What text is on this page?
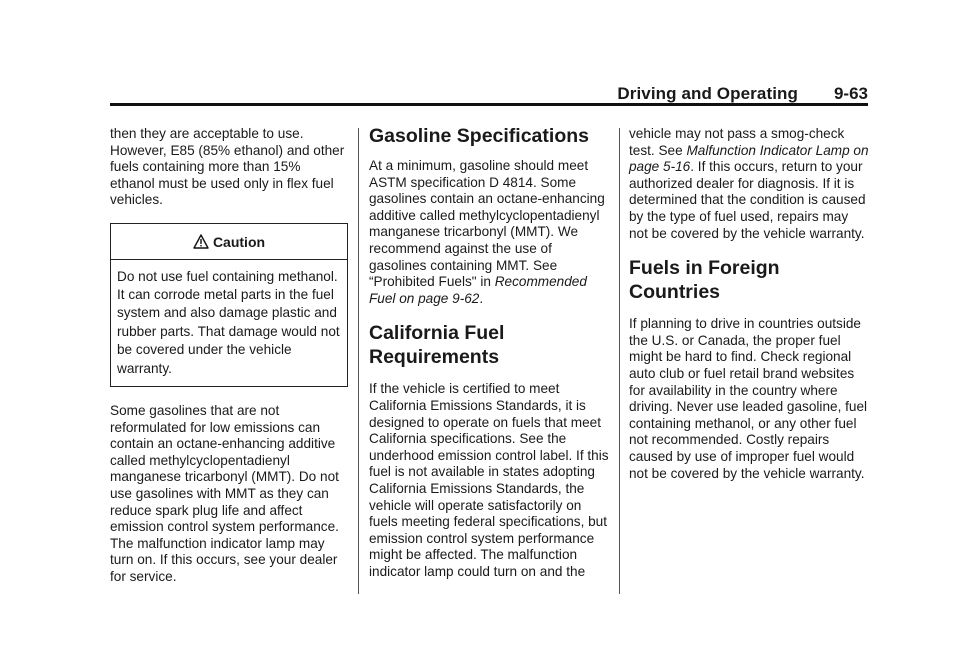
Driving and Operating 9-63

then they are acceptable to use. However, E85 (85% ethanol) and other fuels containing more than 15% ethanol must be used only in flex fuel vehicles.

Caution
Do not use fuel containing methanol. It can corrode metal parts in the fuel system and also damage plastic and rubber parts. That damage would not be covered under the vehicle warranty.

Some gasolines that are not reformulated for low emissions can contain an octane-enhancing additive called methylcyclopentadienyl manganese tricarbonyl (MMT). Do not use gasolines with MMT as they can reduce spark plug life and affect emission control system performance. The malfunction indicator lamp may turn on. If this occurs, see your dealer for service.

Gasoline Specifications

At a minimum, gasoline should meet ASTM specification D 4814. Some gasolines contain an octane-enhancing additive called methylcyclopentadienyl manganese tricarbonyl (MMT). We recommend against the use of gasolines containing MMT. See “Prohibited Fuels" in Recommended Fuel on page 9-62.

California Fuel Requirements

If the vehicle is certified to meet California Emissions Standards, it is designed to operate on fuels that meet California specifications. See the underhood emission control label. If this fuel is not available in states adopting California Emissions Standards, the vehicle will operate satisfactorily on fuels meeting federal specifications, but emission control system performance might be affected. The malfunction indicator lamp could turn on and the

vehicle may not pass a smog-check test. See Malfunction Indicator Lamp on page 5-16. If this occurs, return to your authorized dealer for diagnosis. If it is determined that the condition is caused by the type of fuel used, repairs may not be covered by the vehicle warranty.

Fuels in Foreign Countries

If planning to drive in countries outside the U.S. or Canada, the proper fuel might be hard to find. Check regional auto club or fuel retail brand websites for availability in the country where driving. Never use leaded gasoline, fuel containing methanol, or any other fuel not recommended. Costly repairs caused by use of improper fuel would not be covered by the vehicle warranty.
